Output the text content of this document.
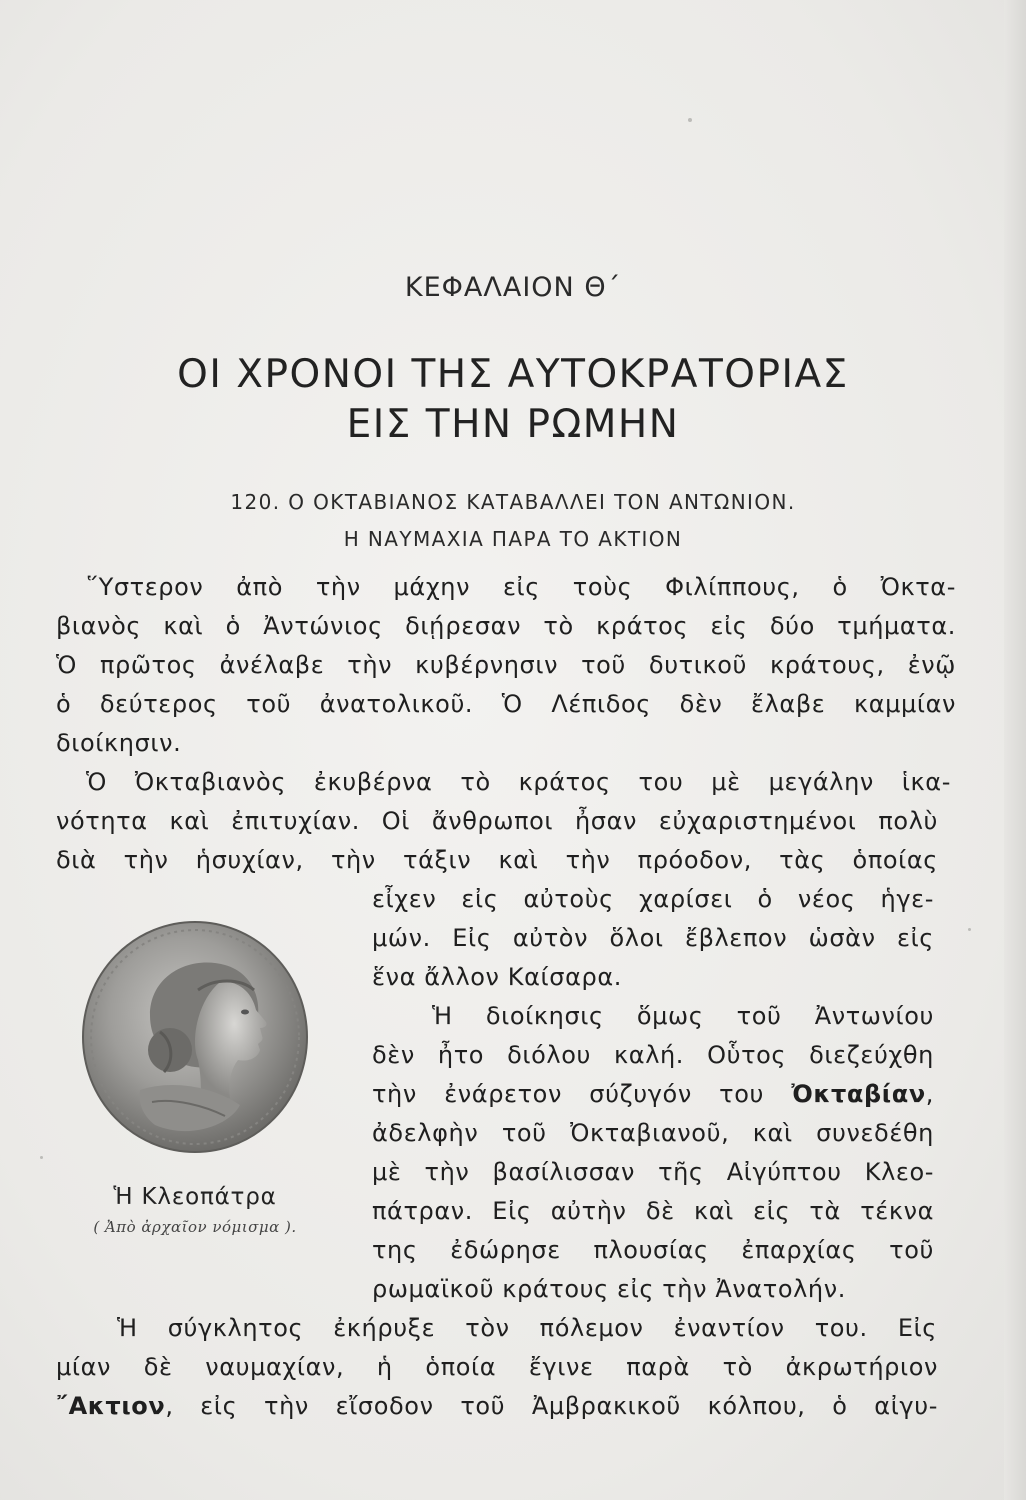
ΚΕΦΑΛΑΙΟΝ Θ΄
ΟΙ ΧΡΟΝΟΙ ΤΗΣ ΑΥΤΟΚΡΑΤΟΡΙΑΣ
ΕΙΣ ΤΗΝ ΡΩΜΗΝ
120. Ο ΟΚΤΑΒΙΑΝΟΣ ΚΑΤΑΒΑΛΛΕΙ ΤΟΝ ΑΝΤΩΝΙΟΝ.
Η ΝΑΥΜΑΧΙΑ ΠΑΡΑ ΤΟ ΑΚΤΙΟΝ
῞Υστερον ἀπὸ τὴν μάχην εἰς τοὺς Φιλίππους, ὁ Ὀκτα-
βιανὸς καὶ ὁ Ἀντώνιος διῄρεσαν τὸ κράτος εἰς δύο τμήματα.
Ὁ πρῶτος ἀνέλαβε τὴν κυβέρνησιν τοῦ δυτικοῦ κράτους, ἐνῷ
ὁ δεύτερος τοῦ ἀνατολικοῦ. Ὁ Λέπιδος δὲν ἔλαβε καμμίαν
διοίκησιν.
Ὁ Ὀκταβιανὸς ἐκυβέρνα τὸ κράτος του μὲ μεγάλην ἱκα-
νότητα καὶ ἐπιτυχίαν. Οἱ ἄνθρωποι ἦσαν εὐχαριστημένοι πολὺ
διὰ τὴν ἡσυχίαν, τὴν τάξιν καὶ τὴν πρόοδον, τὰς ὁποίας
εἶχεν εἰς αὐτοὺς χαρίσει ὁ νέος ἡγε-
μών. Εἰς αὐτὸν ὅλοι ἔβλεπον ὡσὰν εἰς
ἕνα ἄλλον Καίσαρα.
Ἡ διοίκησις ὅμως τοῦ Ἀντωνίου
δὲν ἦτο διόλου καλή. Οὗτος διεζεύχθη
τὴν ἐνάρετον σύζυγόν του Ὀκταβίαν,
ἀδελφὴν τοῦ Ὀκταβιανοῦ, καὶ συνεδέθη
μὲ τὴν βασίλισσαν τῆς Αἰγύπτου Κλεο-
πάτραν. Εἰς αὐτὴν δὲ καὶ εἰς τὰ τέκνα
της ἐδώρησε πλουσίας ἐπαρχίας τοῦ
ρωμαϊκοῦ κράτους εἰς τὴν Ἀνατολήν.
Ἡ σύγκλητος ἐκήρυξε τὸν πόλεμον ἐναντίον του. Εἰς
μίαν δὲ ναυμαχίαν, ἡ ὁποία ἔγινε παρὰ τὸ ἀκρωτήριον
῎Ακτιον, εἰς τὴν εἴσοδον τοῦ Ἀμβρακικοῦ κόλπου, ὁ αἰγυ-
Ἡ Κλεοπάτρα
( Ἀπὸ ἀρχαῖον νόμισμα ).
